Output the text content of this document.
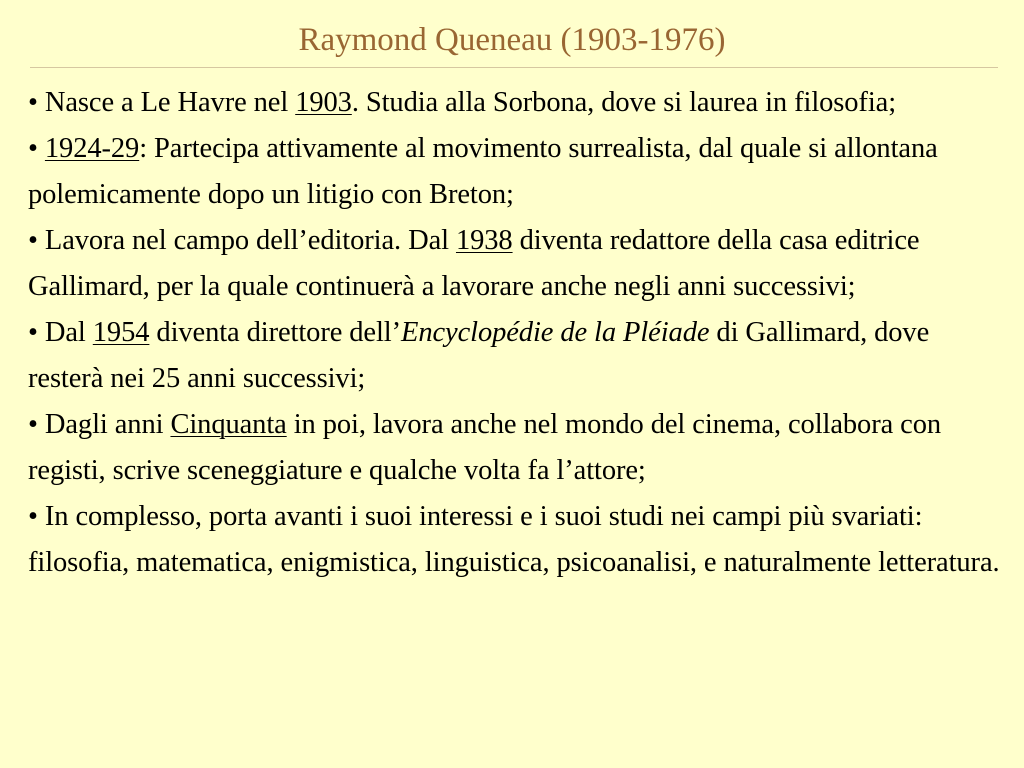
Raymond Queneau (1903-1976)

• Nasce a Le Havre nel 1903. Studia alla Sorbona, dove si laurea in filosofia;

• 1924-29: Partecipa attivamente al movimento surrealista, dal quale si allontana polemicamente dopo un litigio con Breton;

• Lavora nel campo dell’editoria. Dal 1938 diventa redattore della casa editrice Gallimard, per la quale continuerà a lavorare anche negli anni successivi;

• Dal 1954 diventa direttore dell’Encyclopédie de la Pléiade di Gallimard, dove resterà nei 25 anni successivi;

• Dagli anni Cinquanta in poi, lavora anche nel mondo del cinema, collabora con registi, scrive sceneggiature e qualche volta fa l’attore;

• In complesso, porta avanti i suoi interessi e i suoi studi nei campi più svariati: filosofia, matematica, enigmistica, linguistica, psicoanalisi, e naturalmente letteratura.
